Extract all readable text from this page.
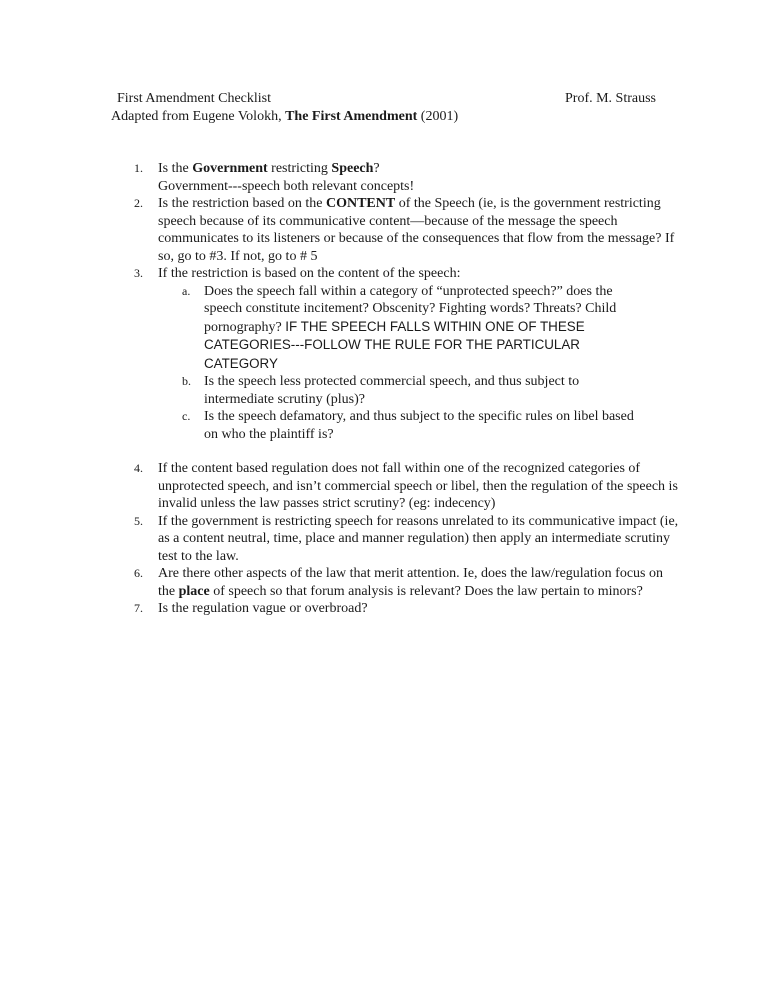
First Amendment Checklist
Adapted from Eugene Volokh, The First Amendment (2001)
Prof. M. Strauss
1.	Is the Government restricting Speech?
Government---speech both relevant concepts!
2.	Is the restriction based on the CONTENT of the Speech (ie, is the government restricting speech because of its communicative content—because of the message the speech communicates to its listeners or because of the consequences that flow from the message? If so, go to #3. If not, go to # 5
3.	If the restriction is based on the content of the speech:
a. Does the speech fall within a category of “unprotected speech?” does the speech constitute incitement? Obscenity? Fighting words? Threats? Child pornography? IF THE SPEECH FALLS WITHIN ONE OF THESE CATEGORIES---FOLLOW THE RULE FOR THE PARTICULAR CATEGORY
b. Is the speech less protected commercial speech, and thus subject to intermediate scrutiny (plus)?
c. Is the speech defamatory, and thus subject to the specific rules on libel based on who the plaintiff is?
4.	If the content based regulation does not fall within one of the recognized categories of unprotected speech, and isn’t commercial speech or libel, then the regulation of the speech is invalid unless the law passes strict scrutiny? (eg: indecency)
5.	If the government is restricting speech for reasons unrelated to its communicative impact (ie, as a content neutral, time, place and manner regulation) then apply an intermediate scrutiny test to the law.
6.	Are there other aspects of the law that merit attention. Ie, does the law/regulation focus on the place of speech so that forum analysis is relevant? Does the law pertain to minors?
7.	Is the regulation vague or overbroad?
